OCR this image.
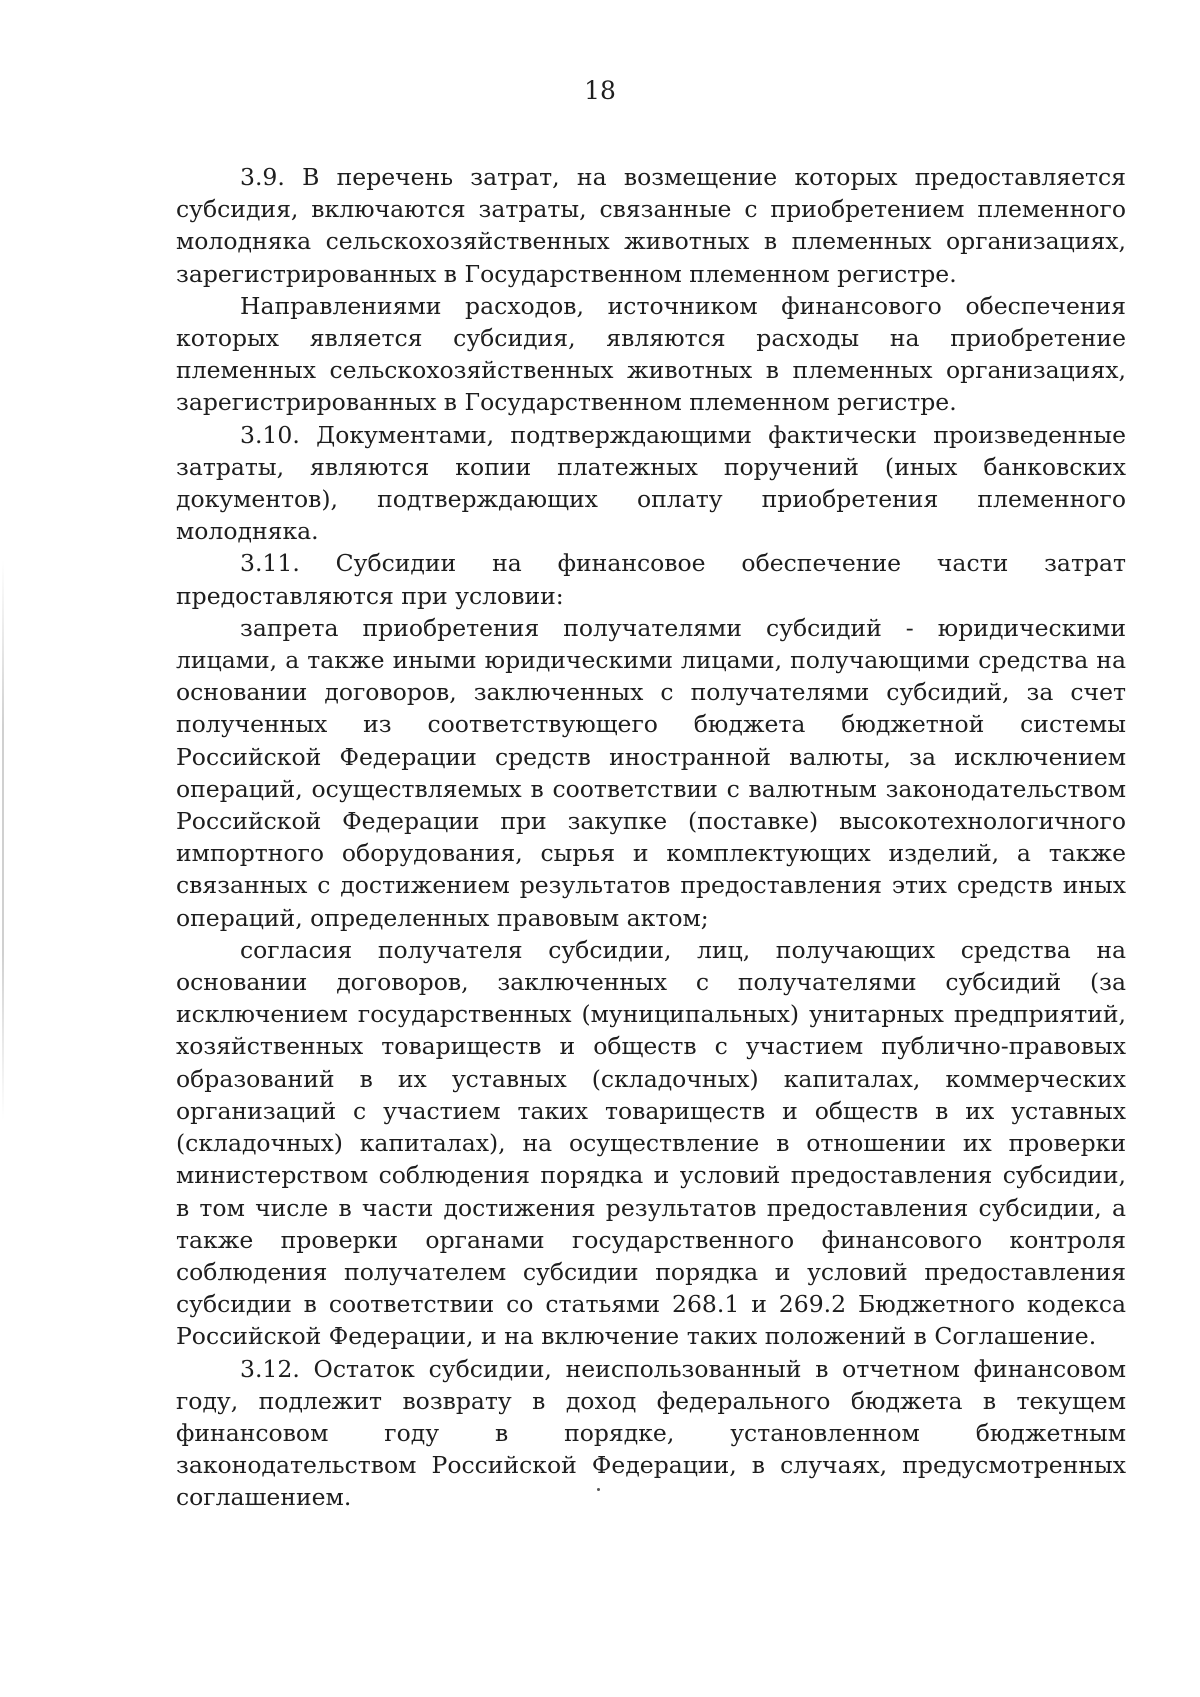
18

3.9. В перечень затрат, на возмещение которых предоставляется субсидия, включаются затраты, связанные с приобретением племенного молодняка сельскохозяйственных животных в племенных организациях, зарегистрированных в Государственном племенном регистре.

Направлениями расходов, источником финансового обеспечения которых является субсидия, являются расходы на приобретение племенных сельскохозяйственных животных в племенных организациях, зарегистрированных в Государственном племенном регистре.

3.10. Документами, подтверждающими фактически произведенные затраты, являются копии платежных поручений (иных банковских документов), подтверждающих оплату приобретения племенного молодняка.

3.11. Субсидии на финансовое обеспечение части затрат предоставляются при условии:

запрета приобретения получателями субсидий - юридическими лицами, а также иными юридическими лицами, получающими средства на основании договоров, заключенных с получателями субсидий, за счет полученных из соответствующего бюджета бюджетной системы Российской Федерации средств иностранной валюты, за исключением операций, осуществляемых в соответствии с валютным законодательством Российской Федерации при закупке (поставке) высокотехнологичного импортного оборудования, сырья и комплектующих изделий, а также связанных с достижением результатов предоставления этих средств иных операций, определенных правовым актом;

согласия получателя субсидии, лиц, получающих средства на основании договоров, заключенных с получателями субсидий (за исключением государственных (муниципальных) унитарных предприятий, хозяйственных товариществ и обществ с участием публично-правовых образований в их уставных (складочных) капиталах, коммерческих организаций с участием таких товариществ и обществ в их уставных (складочных) капиталах), на осуществление в отношении их проверки министерством соблюдения порядка и условий предоставления субсидии, в том числе в части достижения результатов предоставления субсидии, а также проверки органами государственного финансового контроля соблюдения получателем субсидии порядка и условий предоставления субсидии в соответствии со статьями 268.1 и 269.2 Бюджетного кодекса Российской Федерации, и на включение таких положений в Соглашение.

3.12. Остаток субсидии, неиспользованный в отчетном финансовом году, подлежит возврату в доход федерального бюджета в текущем финансовом году в порядке, установленном бюджетным законодательством Российской Федерации, в случаях, предусмотренных соглашением.
